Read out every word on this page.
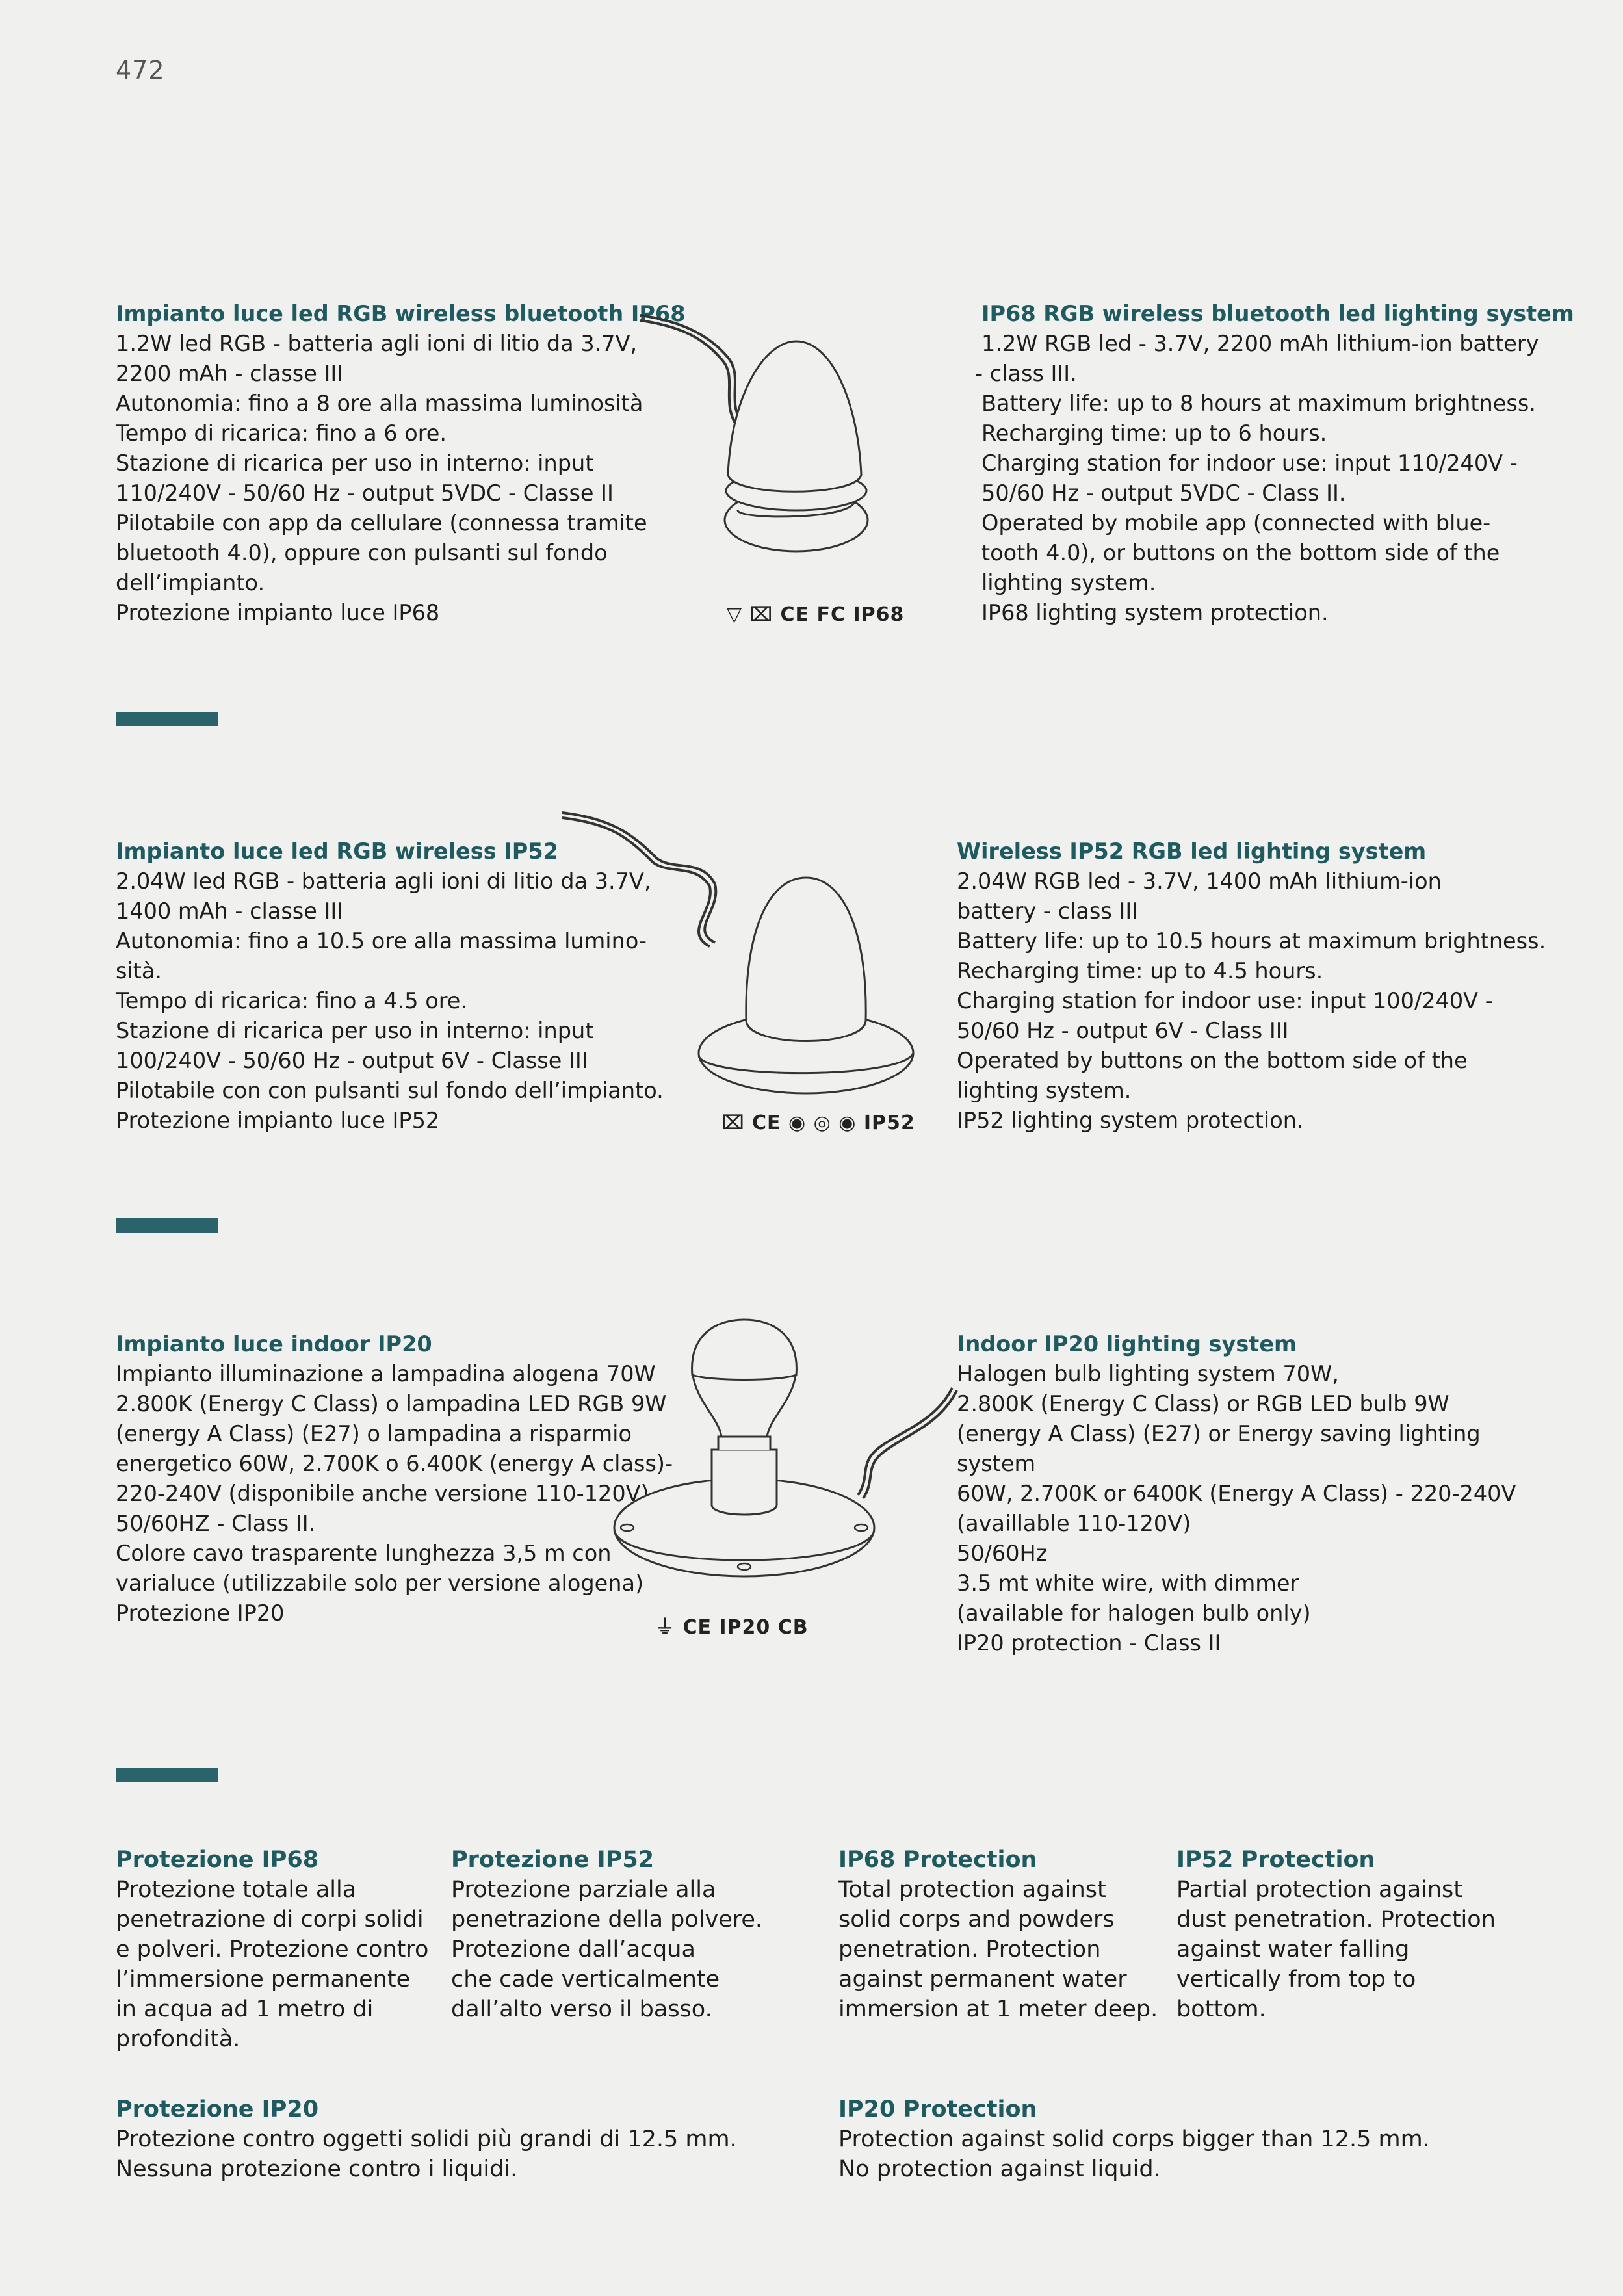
472
Impianto luce led RGB wireless bluetooth IP68
1.2W led RGB - batteria agli ioni di litio da 3.7V,
2200 mAh - classe III
Autonomia: fino a 8 ore alla massima luminosità
Tempo di ricarica: fino a 6 ore.
Stazione di ricarica per uso in interno: input
110/240V - 50/60 Hz - output 5VDC - Classe II
Pilotabile con app da cellulare (connessa tramite
bluetooth 4.0), oppure con pulsanti sul fondo
dell’impianto.
Protezione impianto luce IP68	▽ ⌧ CE FC IP68
IP68 RGB wireless bluetooth led lighting system
1.2W RGB led - 3.7V, 2200 mAh lithium-ion battery
- class III.
Battery life: up to 8 hours at maximum brightness.
Recharging time: up to 6 hours.
Charging station for indoor use: input 110/240V -
50/60 Hz - output 5VDC - Class II.
Operated by mobile app (connected with blue-
tooth 4.0), or buttons on the bottom side of the
lighting system.
IP68 lighting system protection.
Impianto luce led RGB wireless IP52
2.04W led RGB - batteria agli ioni di litio da 3.7V,
1400 mAh - classe III
Autonomia: fino a 10.5 ore alla massima lumino-
sità.
Tempo di ricarica: fino a 4.5 ore.
Stazione di ricarica per uso in interno: input
100/240V - 50/60 Hz - output 6V - Classe III
Pilotabile con con pulsanti sul fondo dell’impianto.
Protezione impianto luce IP52	⌧ CE ◉ ◎ ◉ IP52
Wireless IP52 RGB led lighting system
2.04W RGB led - 3.7V, 1400 mAh lithium-ion
battery - class III
Battery life: up to 10.5 hours at maximum brightness.
Recharging time: up to 4.5 hours.
Charging station for indoor use: input 100/240V -
50/60 Hz - output 6V - Class III
Operated by buttons on the bottom side of the
lighting system.
IP52 lighting system protection.
Impianto luce indoor IP20
Impianto illuminazione a lampadina alogena 70W
2.800K (Energy C Class) o lampadina LED RGB 9W
(energy A Class) (E27) o lampadina a risparmio
energetico 60W, 2.700K o 6.400K (energy A class)-
220-240V (disponibile anche versione 110-120V)
50/60HZ - Class II.
Colore cavo trasparente lunghezza 3,5 m con
varialuce (utilizzabile solo per versione alogena)
Protezione IP20
⏚ CE IP20 CB
Indoor IP20 lighting system
Halogen bulb lighting system 70W,
2.800K (Energy C Class) or RGB LED bulb 9W
(energy A Class) (E27) or Energy saving lighting
system
60W, 2.700K or 6400K (Energy A Class) - 220-240V
(availlable 110-120V)
50/60Hz
3.5 mt white wire, with dimmer
(available for halogen bulb only)
IP20 protection - Class II
Protezione IP68
Protezione totale alla
penetrazione di corpi solidi
e polveri. Protezione contro
l’immersione permanente
in acqua ad 1 metro di
profondità.
Protezione IP52
Protezione parziale alla
penetrazione della polvere.
Protezione dall’acqua
che cade verticalmente
dall’alto verso il basso.
IP68 Protection
Total protection against
solid corps and powders
penetration. Protection
against permanent water
immersion at 1 meter deep.
IP52 Protection
Partial protection against
dust penetration. Protection
against water falling
vertically from top to
bottom.
Protezione IP20
Protezione contro oggetti solidi più grandi di 12.5 mm.
Nessuna protezione contro i liquidi.
IP20 Protection
Protection against solid corps bigger than 12.5 mm.
No protection against liquid.
